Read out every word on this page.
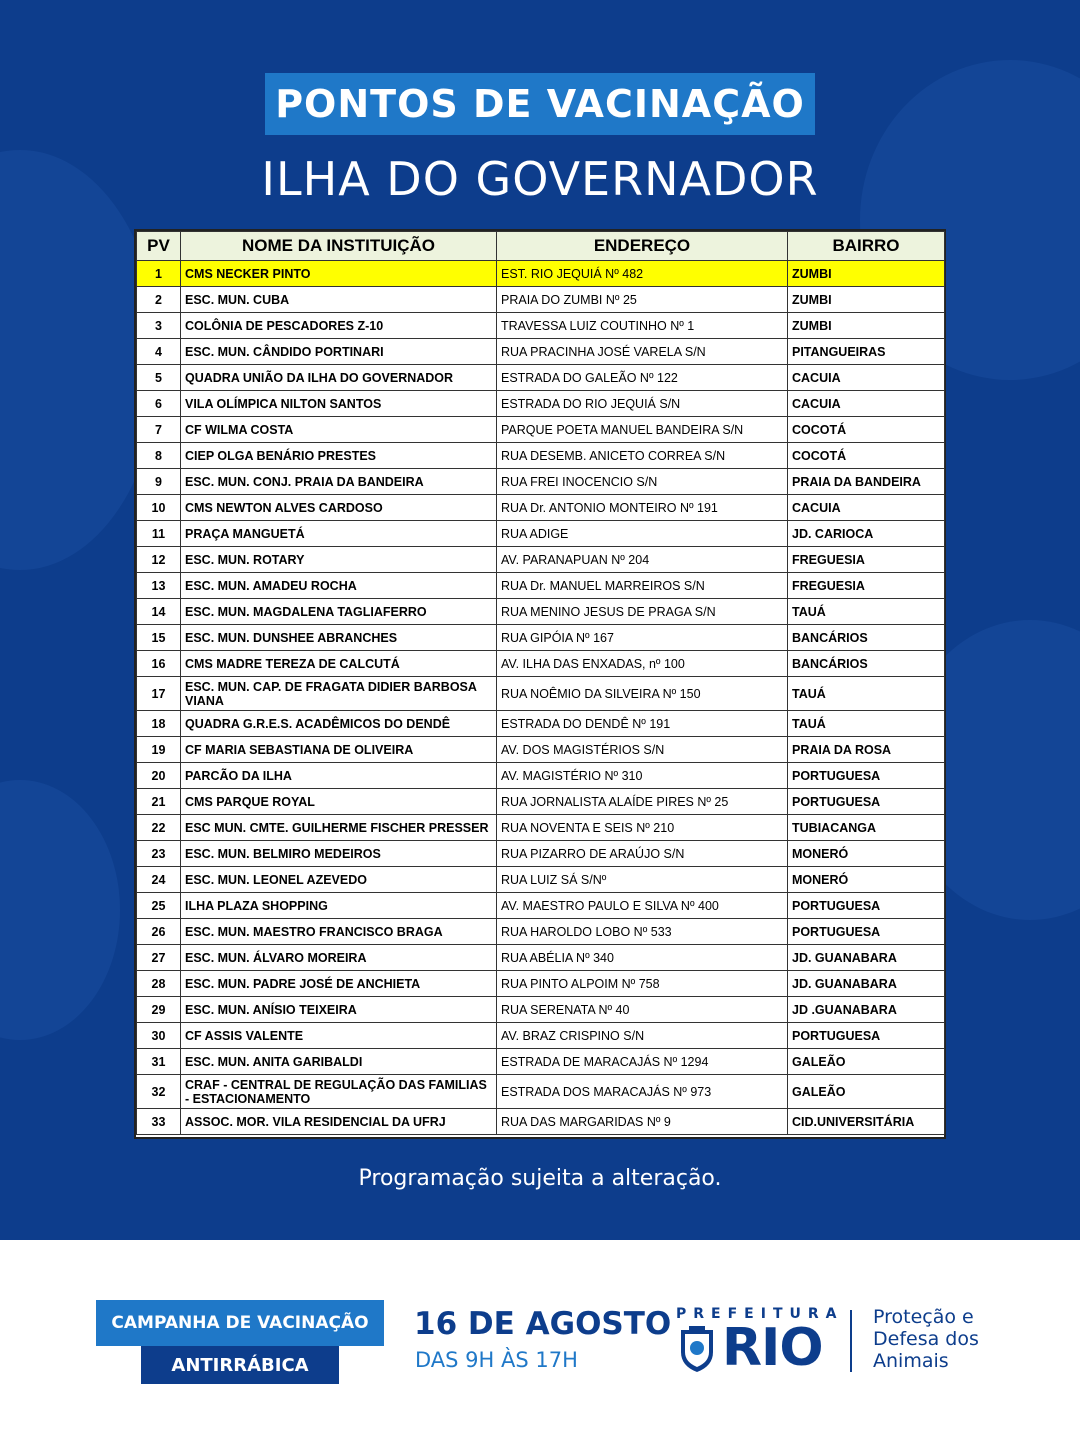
PONTOS DE VACINAÇÃO
ILHA DO GOVERNADOR
PV	NOME DA INSTITUIÇÃO	ENDEREÇO	BAIRRO
1	CMS NECKER PINTO	EST. RIO JEQUIÁ Nº 482	ZUMBI
2	ESC. MUN. CUBA	PRAIA DO ZUMBI Nº 25	ZUMBI
3	COLÔNIA DE PESCADORES Z-10	TRAVESSA LUIZ COUTINHO Nº 1	ZUMBI
4	ESC. MUN. CÂNDIDO PORTINARI	RUA PRACINHA JOSÉ VARELA S/N	PITANGUEIRAS
5	QUADRA UNIÃO DA ILHA DO GOVERNADOR	ESTRADA DO GALEÃO Nº 122	CACUIA
6	VILA OLÍMPICA NILTON SANTOS	ESTRADA DO RIO JEQUIÁ S/N	CACUIA
7	CF WILMA COSTA	PARQUE POETA MANUEL BANDEIRA S/N	COCOTÁ
8	CIEP OLGA BENÁRIO PRESTES	RUA DESEMB. ANICETO CORREA S/N	COCOTÁ
9	ESC. MUN. CONJ. PRAIA DA BANDEIRA	RUA FREI INOCENCIO S/N	PRAIA DA BANDEIRA
10	CMS NEWTON ALVES CARDOSO	RUA Dr. ANTONIO MONTEIRO Nº 191	CACUIA
11	PRAÇA MANGUETÁ	RUA ADIGE	JD. CARIOCA
12	ESC. MUN. ROTARY	AV. PARANAPUAN Nº 204	FREGUESIA
13	ESC. MUN. AMADEU ROCHA	RUA Dr. MANUEL MARREIROS S/N	FREGUESIA
14	ESC. MUN. MAGDALENA TAGLIAFERRO	RUA MENINO JESUS DE PRAGA S/N	TAUÁ
15	ESC. MUN. DUNSHEE ABRANCHES	RUA GIPÓIA Nº 167	BANCÁRIOS
16	CMS MADRE TEREZA DE CALCUTÁ	AV. ILHA DAS ENXADAS, nº 100	BANCÁRIOS
17	ESC. MUN. CAP. DE FRAGATA DIDIER BARBOSA VIANA	RUA NOÊMIO DA SILVEIRA Nº 150	TAUÁ
18	QUADRA G.R.E.S. ACADÊMICOS DO DENDÊ	ESTRADA DO DENDÊ Nº 191	TAUÁ
19	CF MARIA SEBASTIANA DE OLIVEIRA	AV. DOS MAGISTÉRIOS S/N	PRAIA DA ROSA
20	PARCÃO DA ILHA	AV. MAGISTÉRIO Nº 310	PORTUGUESA
21	CMS PARQUE ROYAL	RUA JORNALISTA ALAÍDE PIRES Nº 25	PORTUGUESA
22	ESC MUN. CMTE. GUILHERME FISCHER PRESSER	RUA NOVENTA E SEIS Nº 210	TUBIACANGA
23	ESC. MUN. BELMIRO MEDEIROS	RUA PIZARRO DE ARAÚJO S/N	MONERÓ
24	ESC. MUN. LEONEL AZEVEDO	RUA LUIZ SÁ S/Nº	MONERÓ
25	ILHA PLAZA SHOPPING	AV. MAESTRO PAULO E SILVA Nº 400	PORTUGUESA
26	ESC. MUN. MAESTRO FRANCISCO BRAGA	RUA HAROLDO LOBO Nº 533	PORTUGUESA
27	ESC. MUN. ÁLVARO MOREIRA	RUA ABÉLIA Nº 340	JD. GUANABARA
28	ESC. MUN. PADRE JOSÉ DE ANCHIETA	RUA PINTO ALPOIM Nº 758	JD. GUANABARA
29	ESC. MUN. ANÍSIO TEIXEIRA	RUA SERENATA Nº 40	JD .GUANABARA
30	CF ASSIS VALENTE	AV. BRAZ CRISPINO S/N	PORTUGUESA
31	ESC. MUN. ANITA GARIBALDI	ESTRADA DE MARACAJÁS Nº 1294	GALEÃO
32	CRAF - CENTRAL DE REGULAÇÃO DAS FAMILIAS - ESTACIONAMENTO	ESTRADA DOS MARACAJÁS Nº 973	GALEÃO
33	ASSOC. MOR. VILA RESIDENCIAL DA UFRJ	RUA DAS MARGARIDAS Nº 9	CID.UNIVERSITÁRIA
Programação sujeita a alteração.
CAMPANHA DE VACINAÇÃO
ANTIRRÁBICA
16 DE AGOSTO
DAS 9H ÀS 17H
PREFEITURA
RIO
Proteção e
Defesa dos
Animais
